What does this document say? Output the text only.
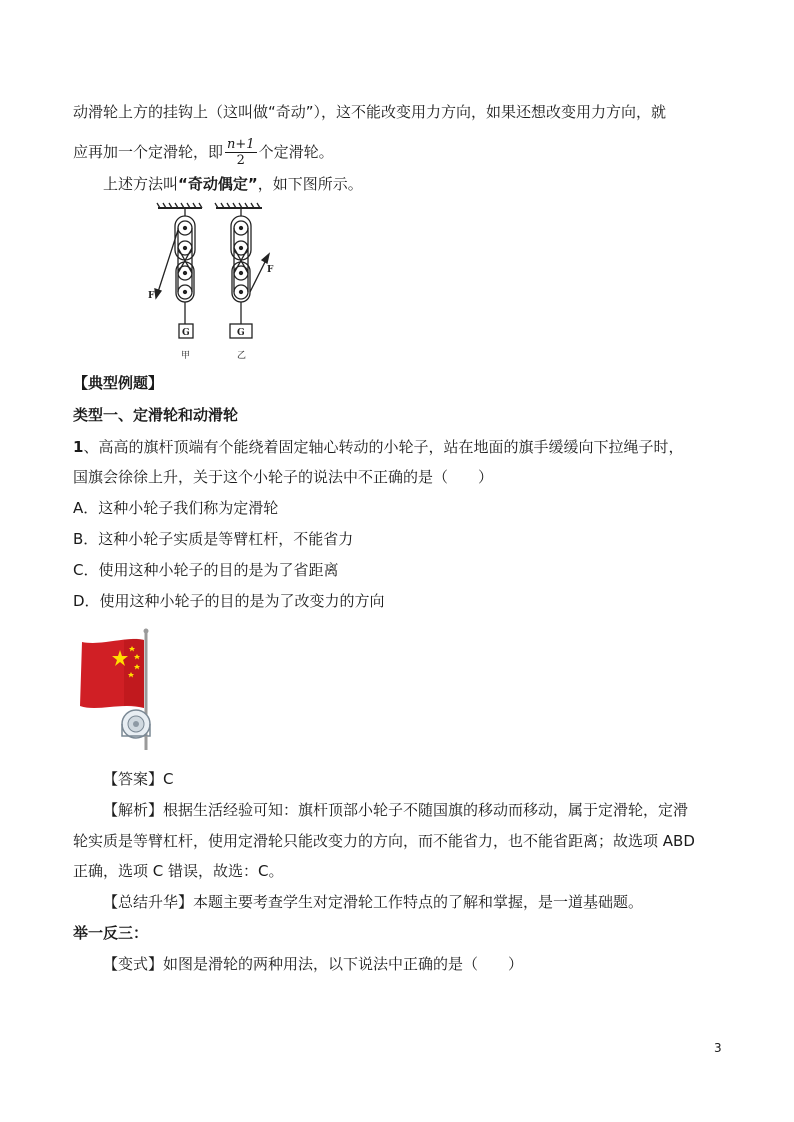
动滑轮上方的挂钩上（这叫做“奇动”），这不能改变用力方向，如果还想改变用力方向，就
应再加一个定滑轮，即 $\frac{n+1}{2}$ 个定滑轮。
上述方法叫“奇动偶定”，如下图所示。
F
F
G	G
甲	乙
【典型例题】
类型一、定滑轮和动滑轮
1、高高的旗杆顶端有个能绕着固定轴心转动的小轮子，站在地面的旗手缓缓向下拉绳子时，
国旗会徐徐上升，关于这个小轮子的说法中不正确的是（　　）
A．这种小轮子我们称为定滑轮
B．这种小轮子实质是等臂杠杆，不能省力
C．使用这种小轮子的目的是为了省距离
D．使用这种小轮子的目的是为了改变力的方向
【答案】C
【解析】根据生活经验可知：旗杆顶部小轮子不随国旗的移动而移动，属于定滑轮，定滑
轮实质是等臂杠杆，使用定滑轮只能改变力的方向，而不能省力，也不能省距离；故选项 ABD
正确，选项 C 错误，故选：C。
【总结升华】本题主要考查学生对定滑轮工作特点的了解和掌握，是一道基础题。
举一反三：
【变式】如图是滑轮的两种用法，以下说法中正确的是（　　）
3
